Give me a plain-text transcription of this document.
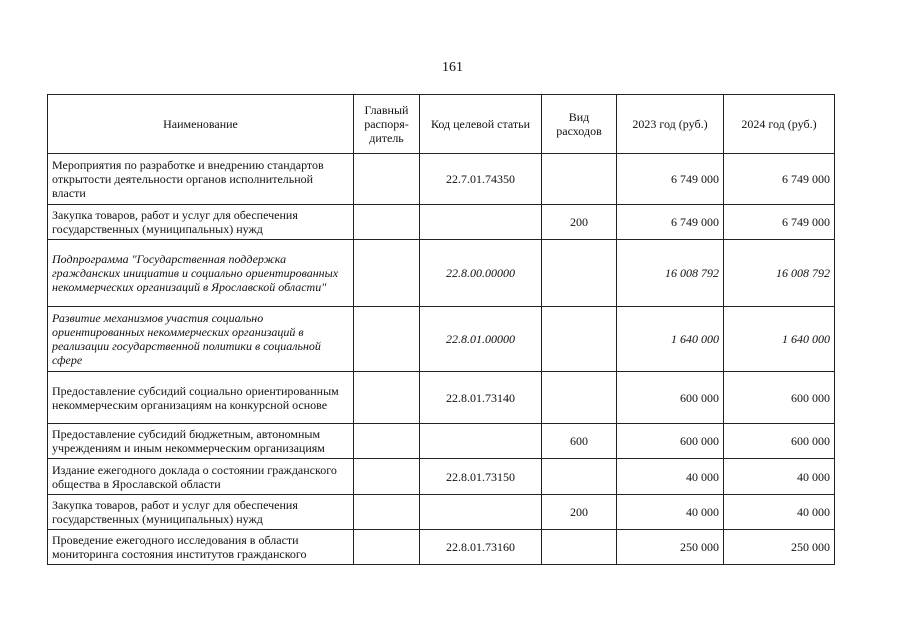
161
Наименование	Главный распоря-дитель	Код целевой статьи	Вид расходов	2023 год (руб.)	2024 год (руб.)
Мероприятия по разработке и внедрению стандартов открытости деятельности органов исполнительной власти		22.7.01.74350		6 749 000	6 749 000
Закупка товаров, работ и услуг для обеспечения государственных (муниципальных) нужд			200	6 749 000	6 749 000
Подпрограмма "Государственная поддержка гражданских инициатив и социально ориентированных некоммерческих организаций в Ярославской области"		22.8.00.00000		16 008 792	16 008 792
Развитие механизмов участия социально ориентированных некоммерческих организаций в реализации государственной политики в социальной сфере		22.8.01.00000		1 640 000	1 640 000
Предоставление субсидий социально ориентированным некоммерческим организациям на конкурсной основе		22.8.01.73140		600 000	600 000
Предоставление субсидий бюджетным, автономным учреждениям и иным некоммерческим организациям			600	600 000	600 000
Издание ежегодного доклада о состоянии гражданского общества в Ярославской области		22.8.01.73150		40 000	40 000
Закупка товаров, работ и услуг для обеспечения государственных (муниципальных) нужд			200	40 000	40 000
Проведение ежегодного исследования в области мониторинга состояния институтов гражданского		22.8.01.73160		250 000	250 000
